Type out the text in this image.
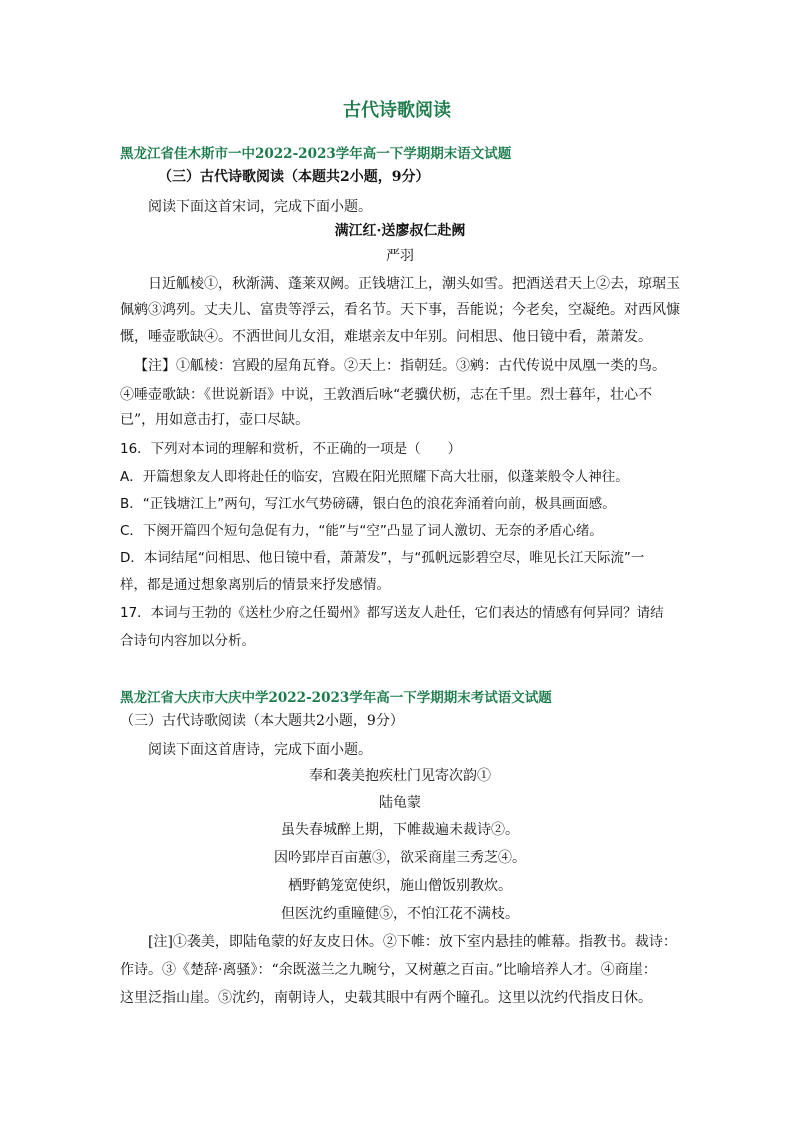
古代诗歌阅读
黑龙江省佳木斯市一中2022-2023学年高一下学期期末语文试题
（三）古代诗歌阅读（本题共2小题，9分）
阅读下面这首宋词，完成下面小题。
满江红·送廖叔仁赴阙
严羽
日近觚棱①，秋渐满、蓬莱双阙。正钱塘江上，潮头如雪。把酒送君天上②去，琼琚玉
佩鹓③鸿列。丈夫儿、富贵等浮云，看名节。天下事，吾能说；今老矣，空凝绝。对西风慷
慨，唾壶歌缺④。不洒世间儿女泪，难堪亲友中年别。问相思、他日镜中看，萧萧发。
【注】①觚棱：宫殿的屋角瓦脊。②天上：指朝廷。③鹓：古代传说中凤凰一类的鸟。
④唾壶歌缺：《世说新语》中说，王敦酒后咏“老骥伏枥，志在千里。烈士暮年，壮心不
已”，用如意击打，壶口尽缺。
16．下列对本词的理解和赏析，不正确的一项是（　　）
A．开篇想象友人即将赴任的临安，宫殿在阳光照耀下高大壮丽，似蓬莱般令人神往。
B．“正钱塘江上”两句，写江水气势磅礴，银白色的浪花奔涌着向前，极具画面感。
C．下阕开篇四个短句急促有力，“能”与“空”凸显了词人激切、无奈的矛盾心绪。
D．本词结尾“问相思、他日镜中看，萧萧发”，与“孤帆远影碧空尽，唯见长江天际流”一
样，都是通过想象离别后的情景来抒发感情。
17．本词与王勃的《送杜少府之任蜀州》都写送友人赴任，它们表达的情感有何异同？请结
合诗句内容加以分析。
黑龙江省大庆市大庆中学2022-2023学年高一下学期期末考试语文试题
（三）古代诗歌阅读（本大题共2小题，9分）
阅读下面这首唐诗，完成下面小题。
奉和袭美抱疾杜门见寄次韵①
陆龟蒙
虽失春城醉上期，下帷裁遍未裁诗②。
因吟郢岸百亩蕙③，欲采商崖三秀芝④。
栖野鹤笼宽使织，施山僧饭别教炊。
但医沈约重瞳健⑤，不怕江花不满枝。
[注]①袭美，即陆龟蒙的好友皮日休。②下帷：放下室内悬挂的帷幕。指教书。裁诗：
作诗。③《楚辞·离骚》：“余既滋兰之九畹兮，又树蕙之百亩。”比喻培养人才。④商崖：
这里泛指山崖。⑤沈约，南朝诗人，史载其眼中有两个瞳孔。这里以沈约代指皮日休。
